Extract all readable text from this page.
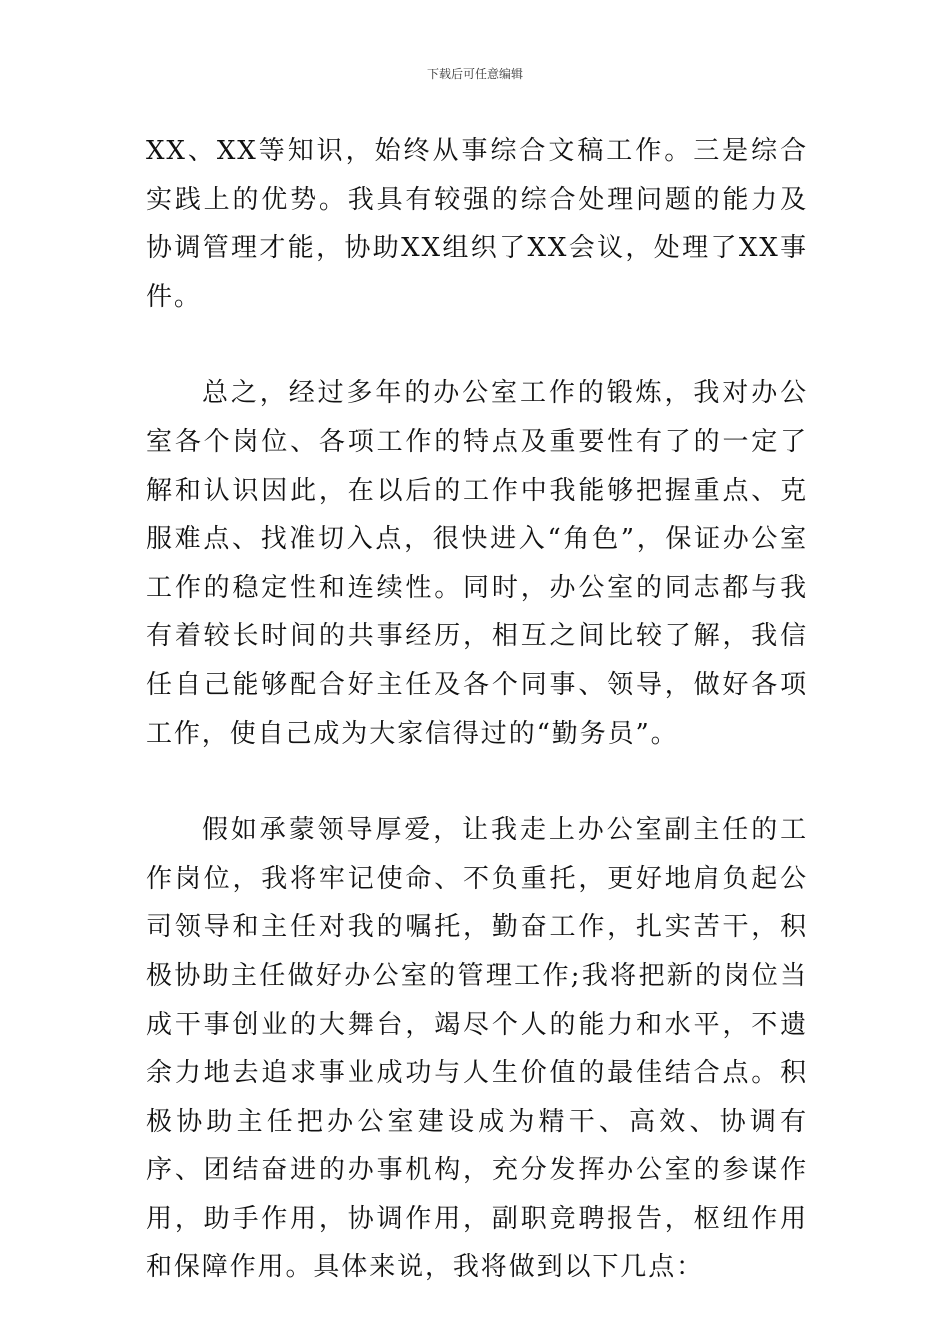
下载后可任意编辑

XX、XX等知识，始终从事综合文稿工作。三是综合实践上的优势。我具有较强的综合处理问题的能力及协调管理才能，协助XX组织了XX会议，处理了XX事件。

总之，经过多年的办公室工作的锻炼，我对办公室各个岗位、各项工作的特点及重要性有了的一定了解和认识因此，在以后的工作中我能够把握重点、克服难点、找准切入点，很快进入“角色”，保证办公室工作的稳定性和连续性。同时，办公室的同志都与我有着较长时间的共事经历，相互之间比较了解，我信任自己能够配合好主任及各个同事、领导，做好各项工作，使自己成为大家信得过的“勤务员”。

假如承蒙领导厚爱，让我走上办公室副主任的工作岗位，我将牢记使命、不负重托，更好地肩负起公司领导和主任对我的嘱托，勤奋工作，扎实苦干，积极协助主任做好办公室的管理工作;我将把新的岗位当成干事创业的大舞台，竭尽个人的能力和水平，不遗余力地去追求事业成功与人生价值的最佳结合点。积极协助主任把办公室建设成为精干、高效、协调有序、团结奋进的办事机构，充分发挥办公室的参谋作用，助手作用，协调作用，副职竞聘报告，枢纽作用和保障作用。具体来说，我将做到以下几点：
